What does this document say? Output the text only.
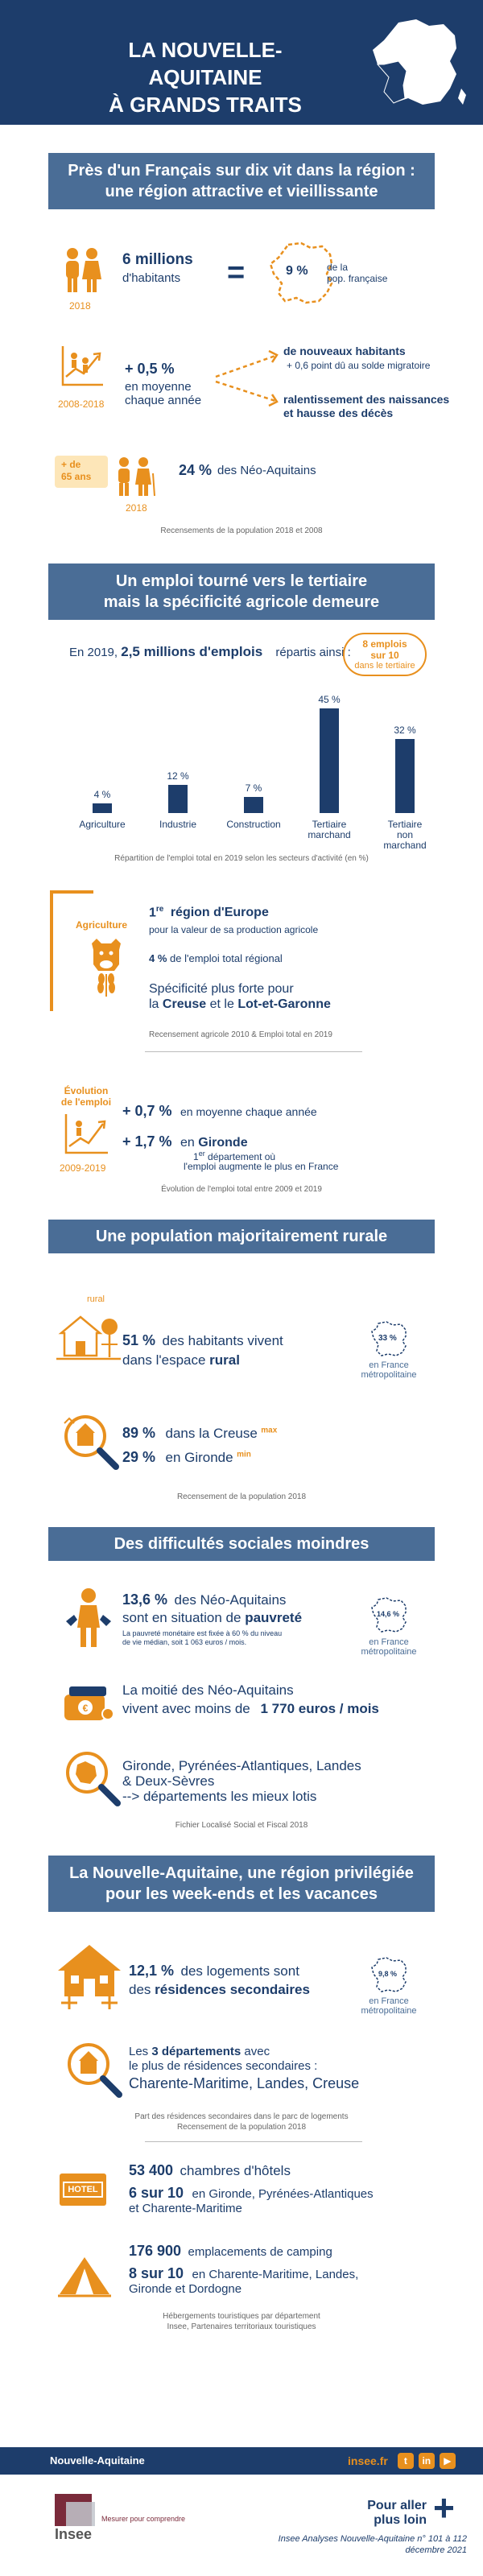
LA NOUVELLE-AQUITAINE
À GRANDS TRAITS
Près d'un Français sur dix vit dans la région :
une région attractive et vieillissante
2018
6 millions
d'habitants =	9 % de la
pop. française
2008-2018
+ 0,5 %
en moyenne
chaque année
de nouveaux habitants
+ 0,6 point dû au solde migratoire
ralentissement des naissances
et hausse des décès
+ de
65 ans
2018
24 % des Néo-Aquitains
Recensements de la population 2018 et 2008
Un emploi tourné vers le tertiaire
mais la spécificité agricole demeure
En 2019, 2,5 millions d'emplois répartis ainsi :
8 emplois
sur 10
dans le tertiaire
4 %
Agriculture
12 %
Industrie
7 %
Construction
45 %
Tertiaire
marchand
32 %
Tertiaire
non
marchand
Répartition de l'emploi total en 2019 selon les secteurs d'activité (en %)
Agriculture
1re région d'Europe
pour la valeur de sa production agricole
4 % de l'emploi total régional
Spécificité plus forte pour
la Creuse et le Lot-et-Garonne
Recensement agricole 2010 & Emploi total en 2019
Évolution
de l'emploi
2009-2019
+ 0,7 % en moyenne chaque année
+ 1,7 % en Gironde
1er département où
l'emploi augmente le plus en France
Évolution de l'emploi total entre 2009 et 2019
Une population majoritairement rurale
rural
51 % des habitants vivent
dans l'espace rural
33 %
en France
métropolitaine
89 % dans la Creuse $^{max}$
29 % en Gironde $^{min}$
Recensement de la population 2018
Des difficultés sociales moindres
13,6 % des Néo-Aquitains
sont en situation de pauvreté
La pauvreté monétaire est fixée à 60 % du niveau
de vie médian, soit 1 063 euros / mois.
14,6 %
en France
métropolitaine
€
La moitié des Néo-Aquitains
vivent avec moins de 1 770 euros / mois
Gironde, Pyrénées-Atlantiques, Landes
& Deux-Sèvres
--> départements les mieux lotis
Fichier Localisé Social et Fiscal 2018
La Nouvelle-Aquitaine, une région privilégiée
pour les week-ends et les vacances
12,1 % des logements sont
des résidences secondaires
9,8 %
en France
métropolitaine
Les 3 départements avec
le plus de résidences secondaires :
Charente-Maritime, Landes, Creuse
Part des résidences secondaires dans le parc de logements
Recensement de la population 2018
HOTEL
53 400 chambres d'hôtels
6 sur 10 en Gironde, Pyrénées-Atlantiques
et Charente-Maritime
176 900 emplacements de camping
8 sur 10 en Charente-Maritime, Landes,
Gironde et Dordogne
Hébergements touristiques par département
Insee, Partenaires territoriaux touristiques
Nouvelle-Aquitaine	insee.fr	t	in	▶
Insee
Mesurer pour comprendre
Pour aller
plus loin +
Insee Analyses Nouvelle-Aquitaine n° 101 à 112
décembre 2021
